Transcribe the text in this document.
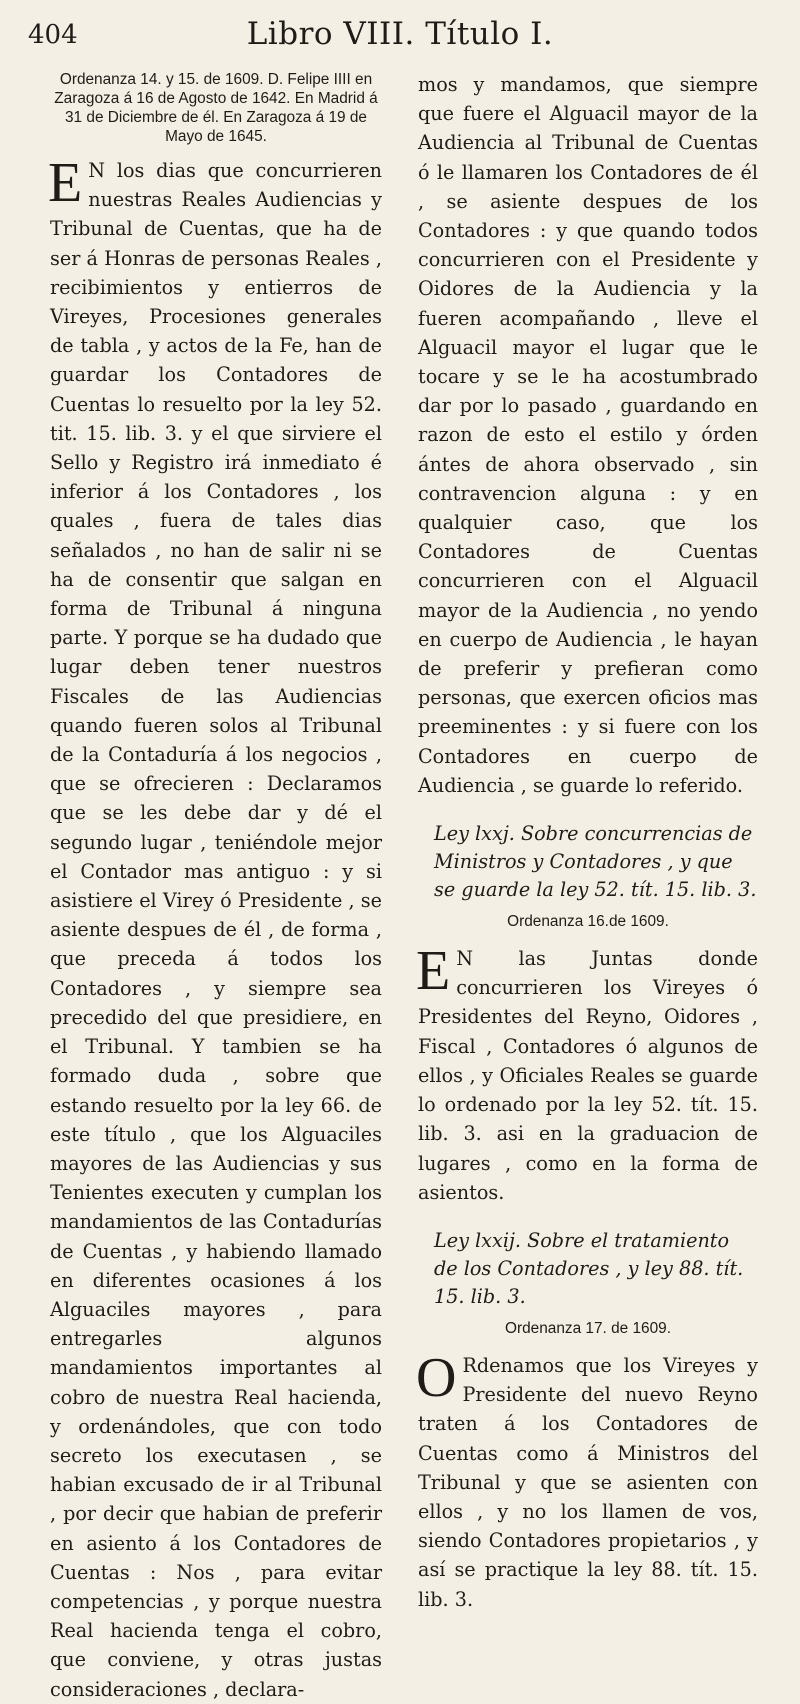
404	Libro VIII. Título I.

Ordenanza 14. y 15. de 1609. D. Felipe IIII en Zaragoza á 16 de Agosto de 1642. En Madrid á 31 de Diciembre de él. En Zaragoza á 19 de Mayo de 1645.

E N los dias que concurrieren nuestras Reales Audiencias y Tribunal de Cuentas, que ha de ser á Honras de personas Reales , recibimientos y entierros de Vireyes, Procesiones generales de tabla , y actos de la Fe, han de guardar los Contadores de Cuentas lo resuelto por la ley 52. tit. 15. lib. 3. y el que sirviere el Sello y Registro irá inmediato é inferior á los Contadores , los quales , fuera de tales dias señalados , no han de salir ni se ha de consentir que salgan en forma de Tribunal á ninguna parte. Y porque se ha dudado que lugar deben tener nuestros Fiscales de las Audiencias quando fueren solos al Tribunal de la Contaduría á los negocios , que se ofrecieren : Declaramos que se les debe dar y dé el segundo lugar , teniéndole mejor el Contador mas antiguo : y si asistiere el Virey ó Presidente , se asiente despues de él , de forma , que preceda á todos los Contadores , y siempre sea precedido del que presidiere, en el Tribunal. Y tambien se ha formado duda , sobre que estando resuelto por la ley 66. de este título , que los Alguaciles mayores de las Audiencias y sus Tenientes executen y cumplan los mandamientos de las Contadurías de Cuentas , y habiendo llamado en diferentes ocasiones á los Alguaciles mayores , para entregarles algunos mandamientos importantes al cobro de nuestra Real hacienda, y ordenándoles, que con todo secreto los executasen , se habian excusado de ir al Tribunal , por decir que habian de preferir en asiento á los Contadores de Cuentas : Nos , para evitar competencias , y porque nuestra Real hacienda tenga el cobro, que conviene, y otras justas consideraciones , declara-

mos y mandamos, que siempre que fuere el Alguacil mayor de la Audiencia al Tribunal de Cuentas ó le llamaren los Contadores de él , se asiente despues de los Contadores : y que quando todos concurrieren con el Presidente y Oidores de la Audiencia y la fueren acompañando , lleve el Alguacil mayor el lugar que le tocare y se le ha acostumbrado dar por lo pasado , guardando en razon de esto el estilo y órden ántes de ahora observado , sin contravencion alguna : y en qualquier caso, que los Contadores de Cuentas concurrieren con el Alguacil mayor de la Audiencia , no yendo en cuerpo de Audiencia , le hayan de preferir y prefieran como personas, que exercen oficios mas preeminentes : y si fuere con los Contadores en cuerpo de Audiencia , se guarde lo referido.

Ley lxxj. Sobre concurrencias de Ministros y Contadores , y que se guarde la ley 52. tít. 15. lib. 3.

Ordenanza 16.de 1609.

E N las Juntas donde concurrieren los Vireyes ó Presidentes del Reyno, Oidores , Fiscal , Contadores ó algunos de ellos , y Oficiales Reales se guarde lo ordenado por la ley 52. tít. 15. lib. 3. asi en la graduacion de lugares , como en la forma de asientos.

Ley lxxij. Sobre el tratamiento de los Contadores , y ley 88. tít. 15. lib. 3.

Ordenanza 17. de 1609.

O Rdenamos que los Vireyes y Presidente del nuevo Reyno traten á los Contadores de Cuentas como á Ministros del Tribunal y que se asienten con ellos , y no los llamen de vos, siendo Contadores propietarios , y así se practique la ley 88. tít. 15. lib. 3.
